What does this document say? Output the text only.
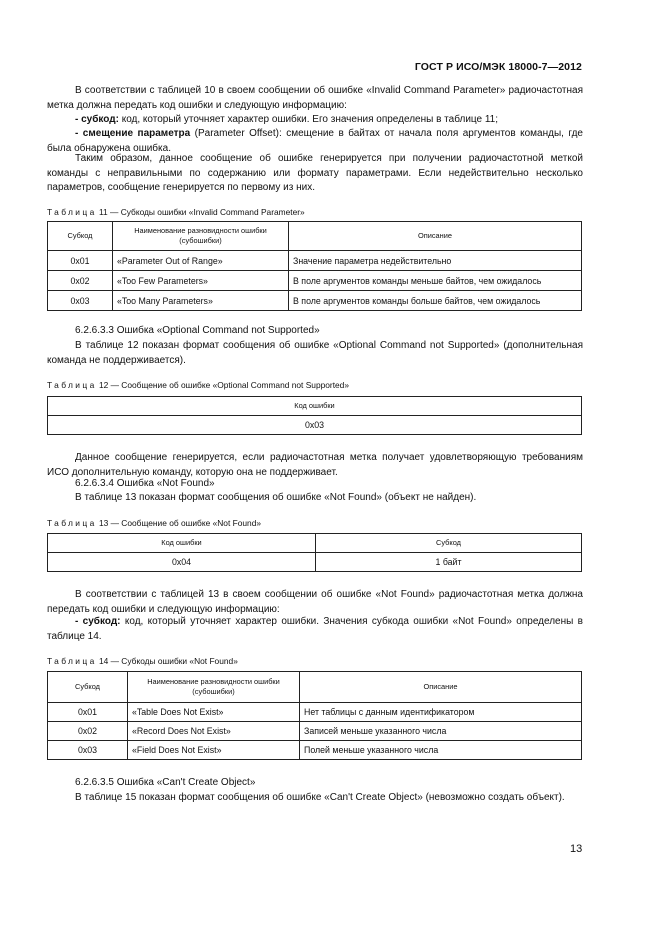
ГОСТ Р ИСО/МЭК 18000-7—2012
В соответствии с таблицей 10 в своем сообщении об ошибке «Invalid Command Parameter» радиочастотная метка должна передать код ошибки и следующую информацию:
- субкод: код, который уточняет характер ошибки. Его значения определены в таблице 11;
- смещение параметра (Parameter Offset): смещение в байтах от начала поля аргументов команды, где была обнаружена ошибка.
Таким образом, данное сообщение об ошибке генерируется при получении радиочастотной меткой команды с неправильными по содержанию или формату параметрами. Если недействительно несколько параметров, сообщение генерируется по первому из них.
Таблица 11 — Субкоды ошибки «Invalid Command Parameter»
Субкод	Наименование разновидности ошибки (субошибки)	Описание
0x01	«Parameter Out of Range»	Значение параметра недействительно
0x02	«Too Few Parameters»	В поле аргументов команды меньше байтов, чем ожидалось
0x03	«Too Many Parameters»	В поле аргументов команды больше байтов, чем ожидалось
6.2.6.3.3 Ошибка «Optional Command not Supported»
В таблице 12 показан формат сообщения об ошибке «Optional Command not Supported» (дополнительная команда не поддерживается).
Таблица 12 — Сообщение об ошибке «Optional Command not Supported»
Код ошибки
0x03
Данное сообщение генерируется, если радиочастотная метка получает удовлетворяющую требованиям ИСО дополнительную команду, которую она не поддерживает.
6.2.6.3.4 Ошибка «Not Found»
В таблице 13 показан формат сообщения об ошибке «Not Found» (объект не найден).
Таблица 13 — Сообщение об ошибке «Not Found»
Код ошибки	Субкод
0x04	1 байт
В соответствии с таблицей 13 в своем сообщении об ошибке «Not Found» радиочастотная метка должна передать код ошибки и следующую информацию:
- субкод: код, который уточняет характер ошибки. Значения субкода ошибки «Not Found» определены в таблице 14.
Таблица 14 — Субкоды ошибки «Not Found»
Субкод	Наименование разновидности ошибки (субошибки)	Описание
0x01	«Table Does Not Exist»	Нет таблицы с данным идентификатором
0x02	«Record Does Not Exist»	Записей меньше указанного числа
0x03	«Field Does Not Exist»	Полей меньше указанного числа
6.2.6.3.5 Ошибка «Can't Create Object»
В таблице 15 показан формат сообщения об ошибке «Can't Create Object» (невозможно создать объект).
13
